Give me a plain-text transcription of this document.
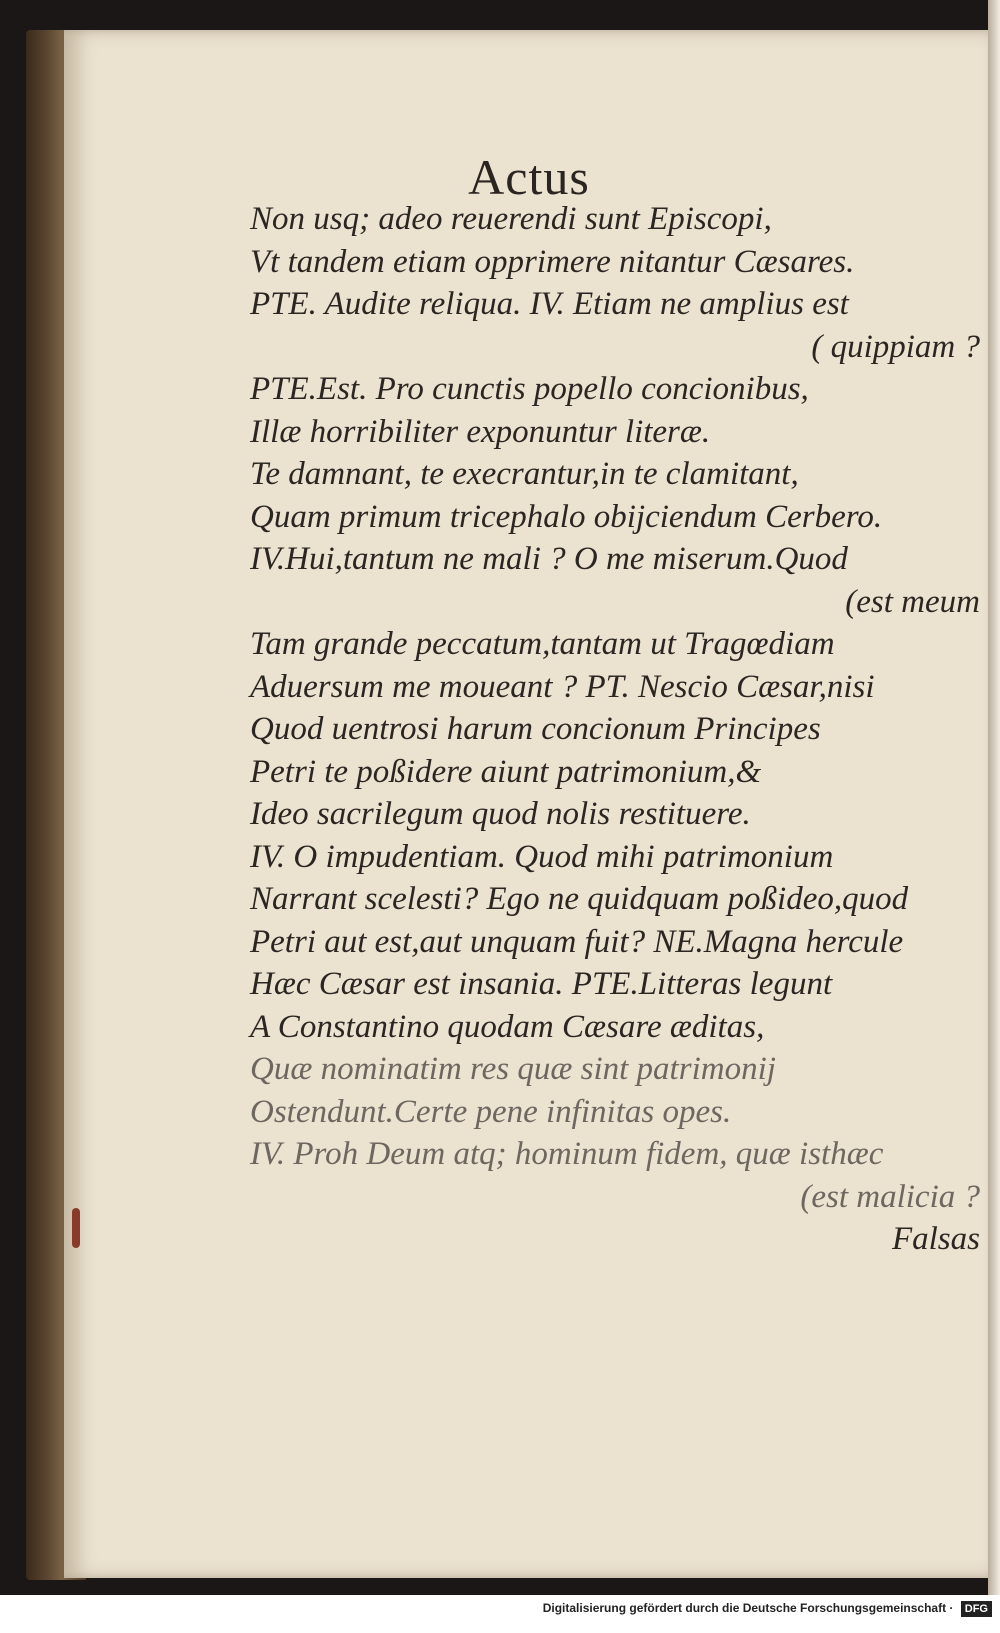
Actus
Non usq; adeo reuerendi sunt Episcopi,
Vt tandem etiam opprimere nitantur Cæsares.
PTE. Audite reliqua. IV. Etiam ne amplius est
( quippiam ?
PTE.Est. Pro cunctis popello concionibus,
Illæ horribiliter exponuntur literæ.
Te damnant, te execrantur,in te clamitant,
Quam primum tricephalo obijciendum Cerbero.
IV.Hui,tantum ne mali ? O me miserum.Quod
(est meum
Tam grande peccatum,tantam ut Tragœdiam
Aduersum me moueant ? PT. Nescio Cæsar,nisi
Quod uentrosi harum concionum Principes
Petri te poßidere aiunt patrimonium,&
Ideo sacrilegum quod nolis restituere.
IV. O impudentiam. Quod mihi patrimonium
Narrant scelesti? Ego ne quidquam poßideo,quod
Petri aut est,aut unquam fuit? NE.Magna hercule
Hæc Cæsar est insania. PTE.Litteras legunt
A Constantino quodam Cæsare æditas,
Quæ nominatim res quæ sint patrimonij
Ostendunt.Certe pene infinitas opes.
IV. Proh Deum atq; hominum fidem, quæ isthæc
(est malicia ?
Falsas
Digitalisierung gefördert durch die Deutsche Forschungsgemeinschaft · DFG
